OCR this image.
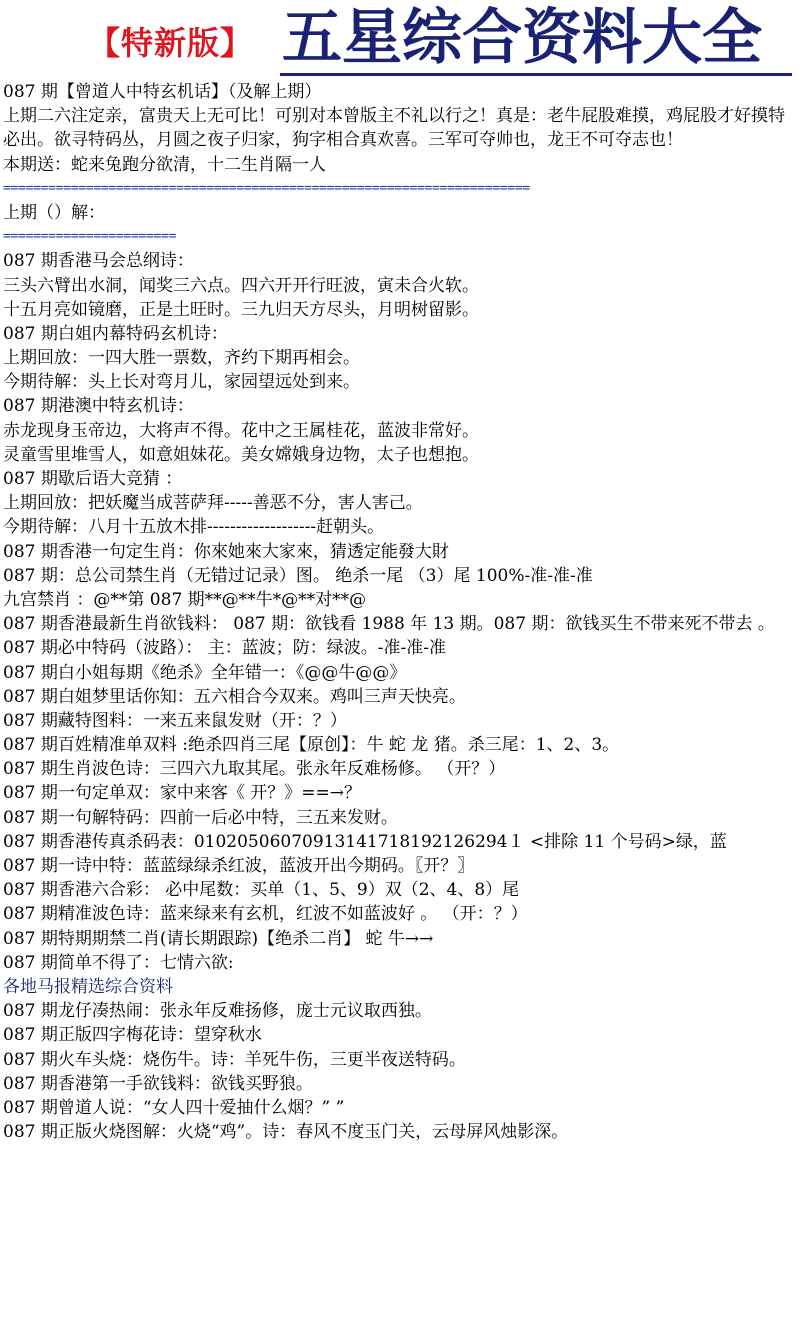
【特新版】 五星综合资料大全
087 期【曾道人中特玄机话】（及解上期）
上期二六注定亲，富贵天上无可比！可别对本曾版主不礼以行之！真是：老牛屁股难摸，鸡屁股才好摸特必出。欲寻特码丛，月圆之夜子归家，狗字相合真欢喜。三军可夺帅也，龙王不可夺志也！
本期送：蛇来兔跑分欲清，十二生肖隔一人
======================================================================
上期（）解：
=======================
087 期香港马会总纲诗：
三头六臂出水洞，闻奖三六点。四六开开行旺波，寅未合火软。
十五月亮如镜磨，正是土旺时。三九归天方尽头，月明树留影。
087 期白姐内幕特码玄机诗：
上期回放：一四大胜一票数，齐约下期再相会。
今期待解：头上长对弯月儿，家园望远处到来。
087 期港澳中特玄机诗：
赤龙现身玉帝边，大将声不得。花中之王属桂花，蓝波非常好。
灵童雪里堆雪人，如意姐妹花。美女嫦娥身边物，太子也想抱。
087 期歇后语大竞猜 ：
上期回放：把妖魔当成菩萨拜-----善恶不分，害人害己。
今期待解：八月十五放木排-------------------赶朝头。
087 期香港一句定生肖：你來她來大家來，猜透定能發大財
087 期：总公司禁生肖（无错过记录）图。 绝杀一尾 （3）尾 100%-准-准-准
九宫禁肖 ：@**第 087 期**@**牛*@**对**@
087 期香港最新生肖欲钱料： 087 期：欲钱看 1988 年 13 期。087 期：欲钱买生不带来死不带去 。
087 期必中特码（波路）： 主：蓝波；防：绿波。-准-准-准
087 期白小姐每期《绝杀》全年错一：《@@牛@@》
087 期白姐梦里话你知：五六相合今双来。鸡叫三声天快亮。
087 期藏特图料：一来五来鼠发财（开：？）
087 期百姓精准单双料 :绝杀四肖三尾【原创】：牛 蛇 龙 猪。杀三尾：1、2、3。
087 期生肖波色诗：三四六九取其尾。张永年反难杨修。 （开？）
087 期一句定单双：家中来客《 开？》==→？
087 期一句解特码：四前一后必中特，三五来发财。
087 期香港传真杀码表：01020506070913141718192126294１ <排除 11 个号码>绿，蓝
087 期一诗中特：蓝蓝绿绿杀红波，蓝波开出今期码。〖开？〗
087 期香港六合彩： 必中尾数：买单（1、5、9）双（2、4、8）尾
087 期精准波色诗：蓝来绿来有玄机，红波不如蓝波好 。 （开：？）
087 期特期期禁二肖(请长期跟踪)【绝杀二肖】 蛇 牛→→
087 期简单不得了：七情六欲:
各地马报精选综合资料
087 期龙仔凑热闹：张永年反难扬修，庞士元议取西独。
087 期正版四字梅花诗：望穿秋水
087 期火车头烧：烧伤牛。诗：羊死牛伤，三更半夜送特码。
087 期香港第一手欲钱料：欲钱买野狼。
087 期曾道人说：“女人四十爱抽什么烟？” ”
087 期正版火烧图解：火烧“鸡”。诗：春风不度玉门关，云母屏风烛影深。
